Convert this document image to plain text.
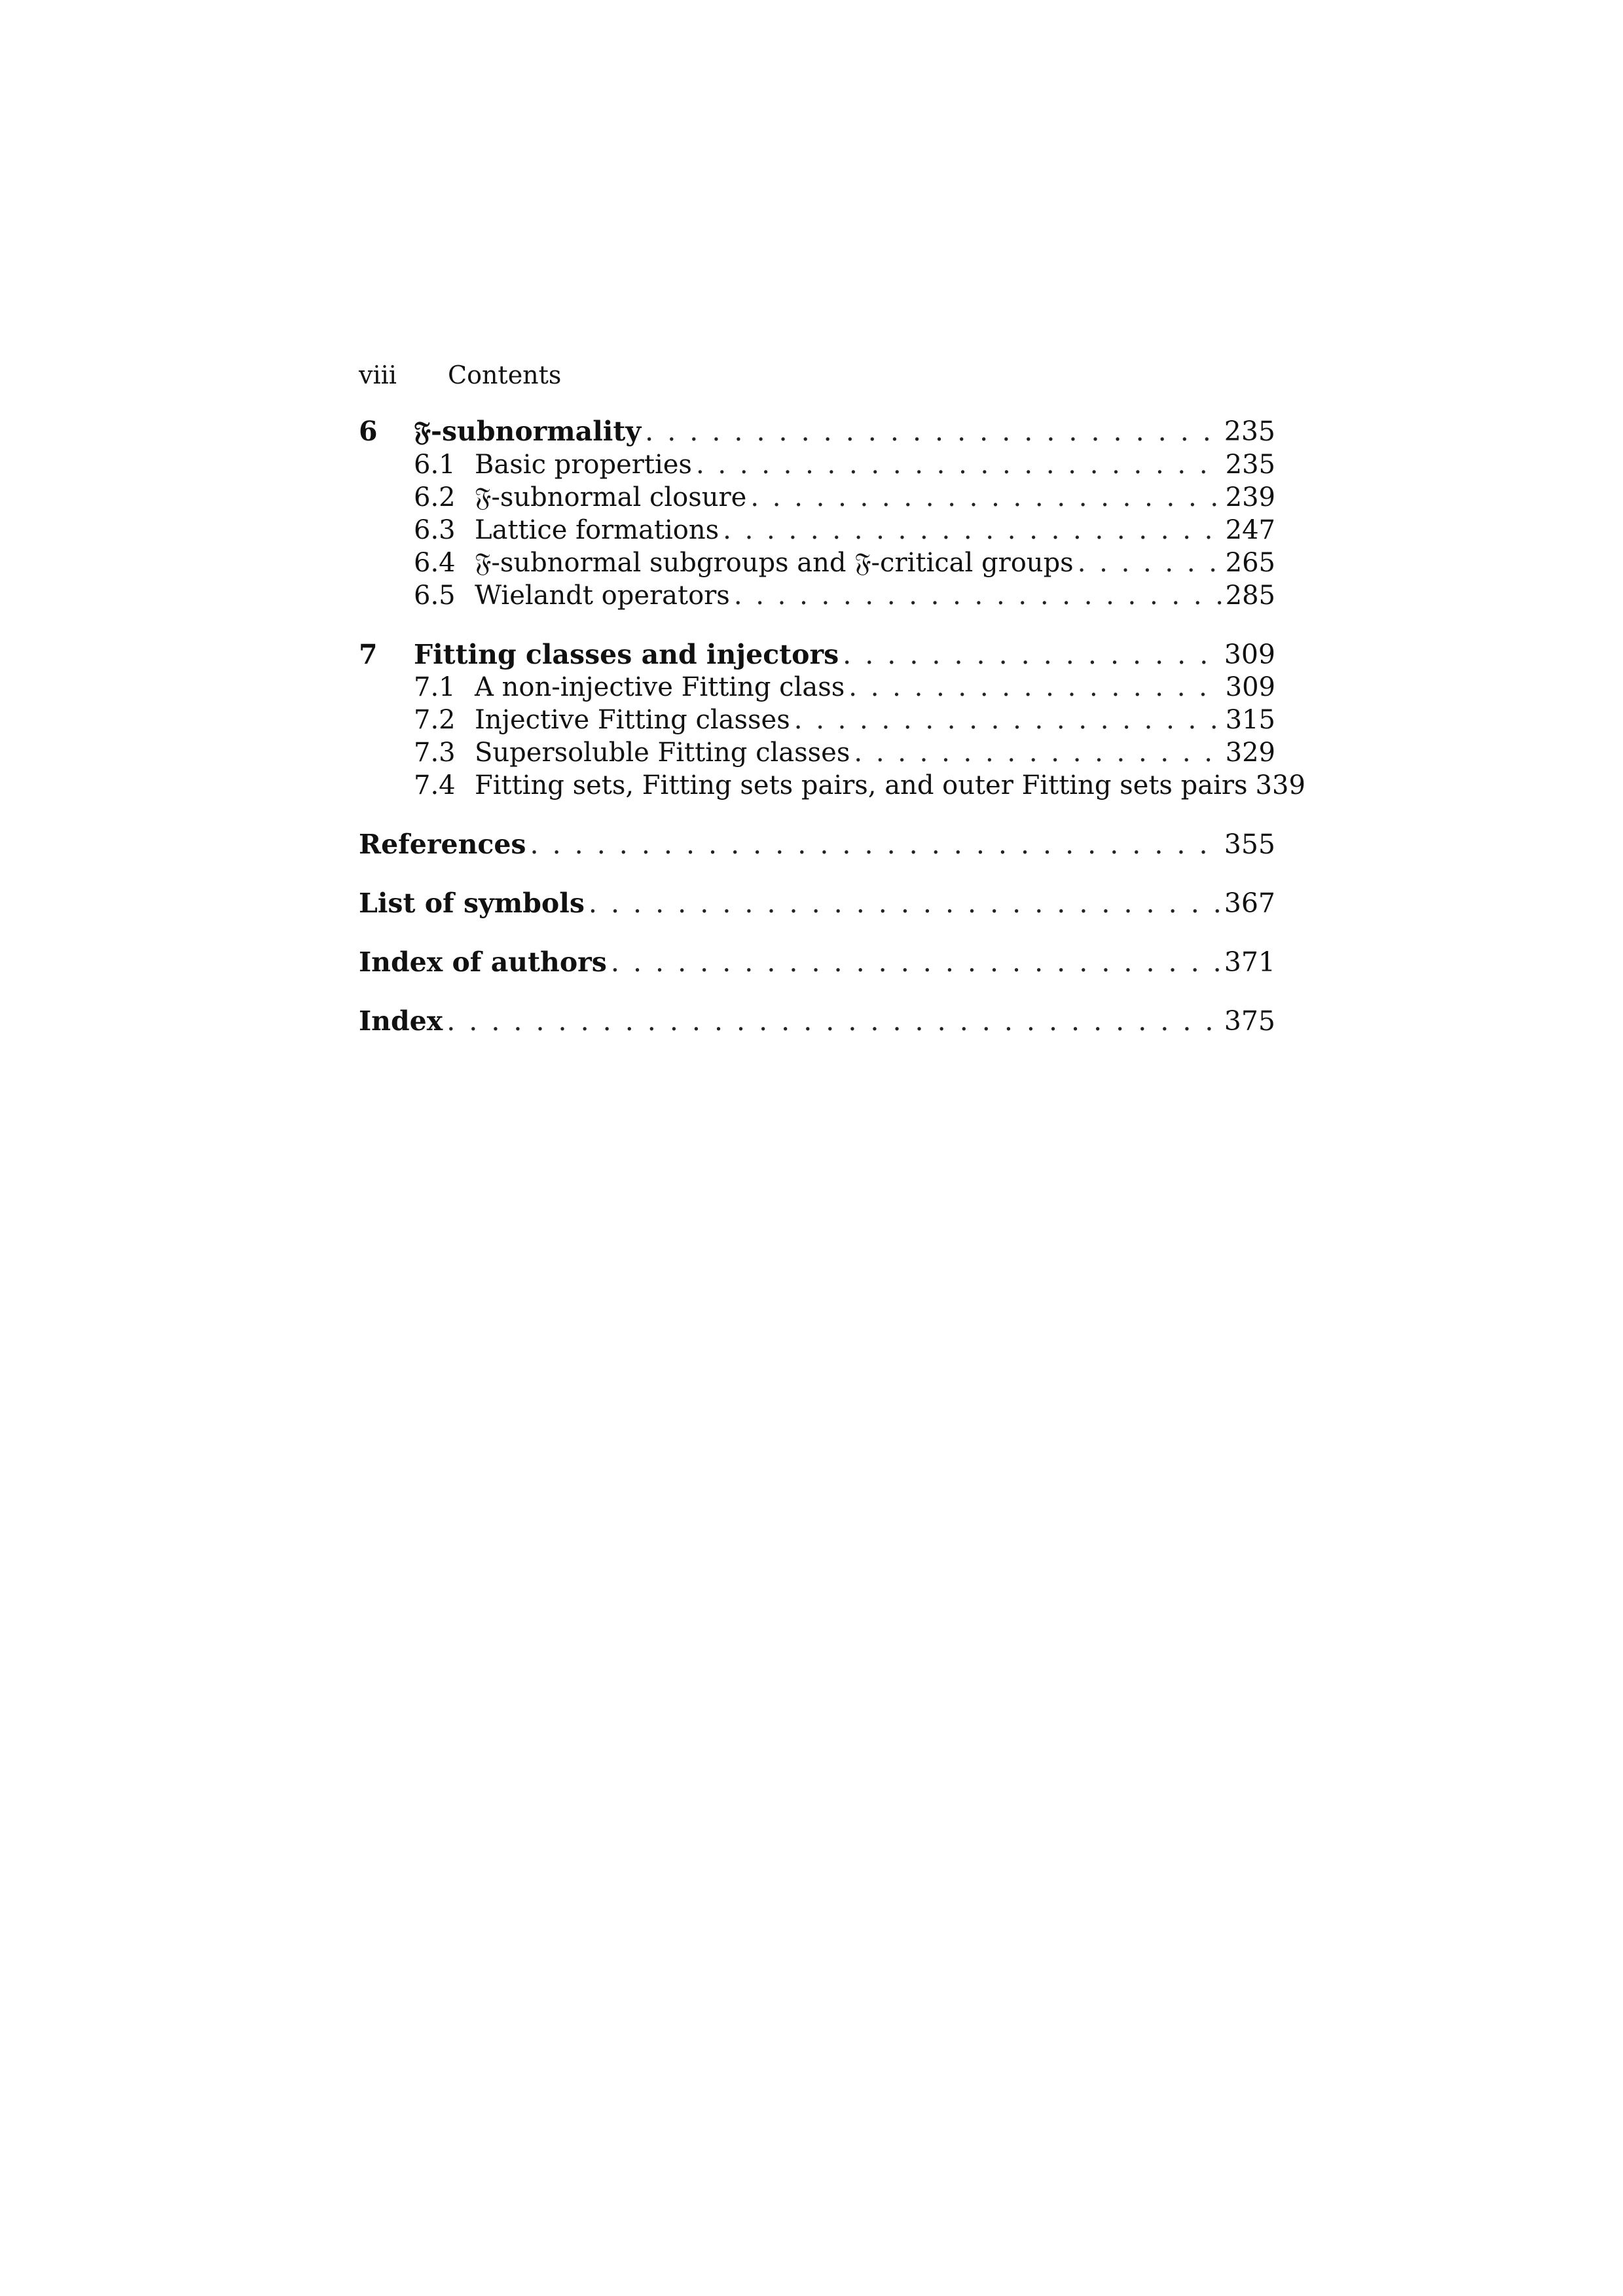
viii Contents
6	𝔉-subnormality . . .	235
6.1 Basic properties . . .	235
6.2 𝔉-subnormal closure . . .	239
6.3 Lattice formations . . .	247
6.4 𝔉-subnormal subgroups and 𝔉-critical groups . . .	265
6.5 Wielandt operators . . .	285
7	Fitting classes and injectors . . .	309
7.1 A non-injective Fitting class . . .	309
7.2 Injective Fitting classes . . .	315
7.3 Supersoluble Fitting classes . . .	329
7.4 Fitting sets, Fitting sets pairs, and outer Fitting sets pairs 339
References . . .	355
List of symbols . . .	367
Index of authors . . .	371
Index . . .	375
